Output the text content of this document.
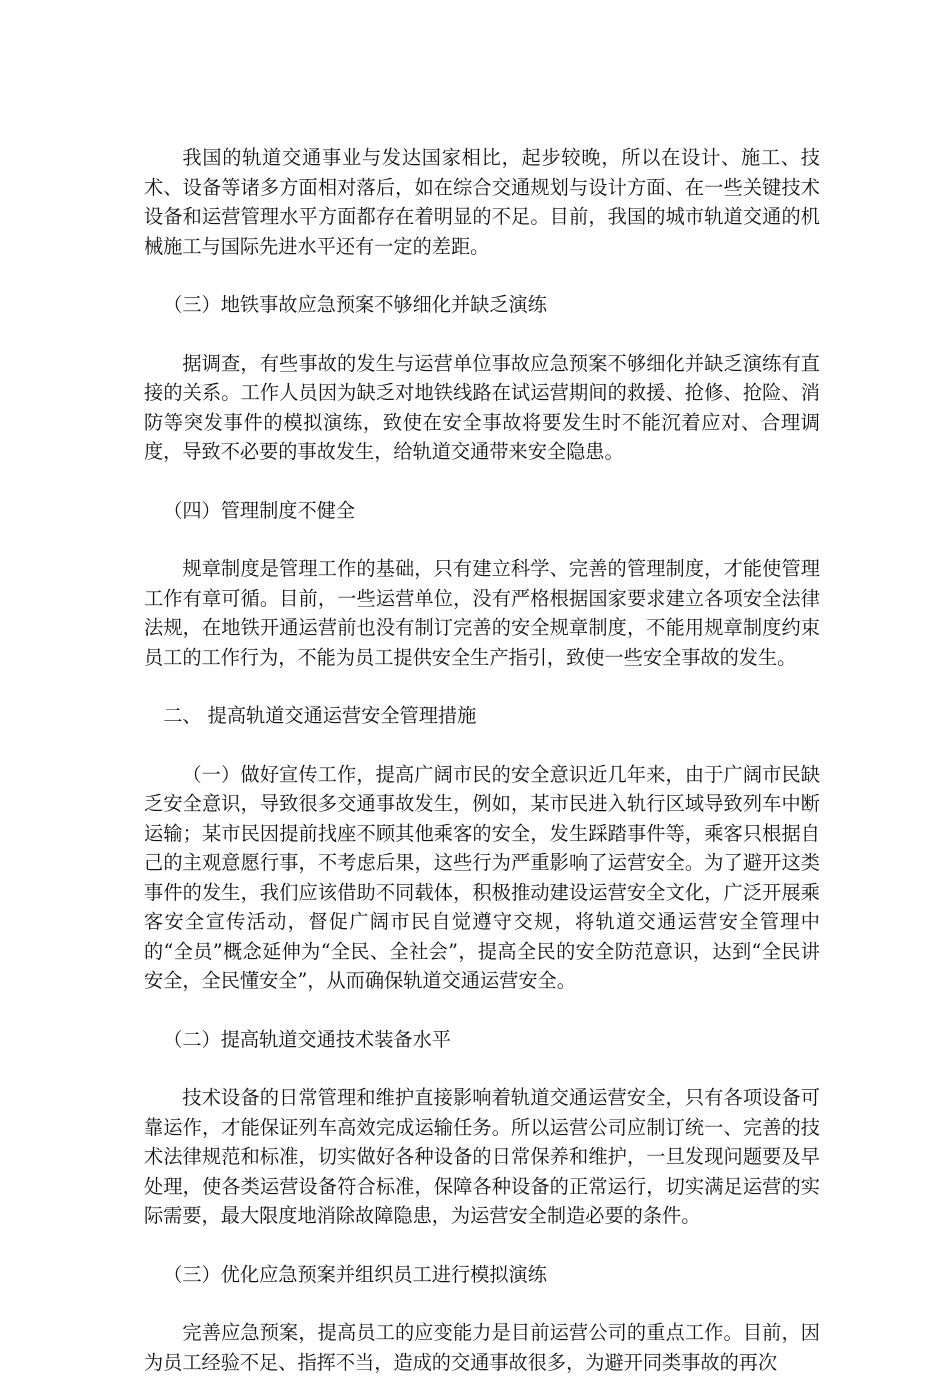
我国的轨道交通事业与发达国家相比，起步较晚，所以在设计、施工、技术、设备等诸多方面相对落后，如在综合交通规划与设计方面、在一些关键技术设备和运营管理水平方面都存在着明显的不足。目前，我国的城市轨道交通的机械施工与国际先进水平还有一定的差距。

（三）地铁事故应急预案不够细化并缺乏演练

据调查，有些事故的发生与运营单位事故应急预案不够细化并缺乏演练有直接的关系。工作人员因为缺乏对地铁线路在试运营期间的救援、抢修、抢险、消防等突发事件的模拟演练，致使在安全事故将要发生时不能沉着应对、合理调度，导致不必要的事故发生，给轨道交通带来安全隐患。

（四）管理制度不健全

规章制度是管理工作的基础，只有建立科学、完善的管理制度，才能使管理工作有章可循。目前，一些运营单位，没有严格根据国家要求建立各项安全法律法规，在地铁开通运营前也没有制订完善的安全规章制度，不能用规章制度约束员工的工作行为，不能为员工提供安全生产指引，致使一些安全事故的发生。

二、 提高轨道交通运营安全管理措施

（一）做好宣传工作，提高广阔市民的安全意识近几年来，由于广阔市民缺乏安全意识，导致很多交通事故发生，例如，某市民进入轨行区域导致列车中断运输；某市民因提前找座不顾其他乘客的安全，发生踩踏事件等，乘客只根据自己的主观意愿行事，不考虑后果，这些行为严重影响了运营安全。为了避开这类事件的发生，我们应该借助不同载体，积极推动建设运营安全文化，广泛开展乘客安全宣传活动，督促广阔市民自觉遵守交规，将轨道交通运营安全管理中的“全员”概念延伸为“全民、全社会”，提高全民的安全防范意识，达到“全民讲安全，全民懂安全”，从而确保轨道交通运营安全。

（二）提高轨道交通技术装备水平

技术设备的日常管理和维护直接影响着轨道交通运营安全，只有各项设备可靠运作，才能保证列车高效完成运输任务。所以运营公司应制订统一、完善的技术法律规范和标准，切实做好各种设备的日常保养和维护，一旦发现问题要及早处理，使各类运营设备符合标准，保障各种设备的正常运行，切实满足运营的实际需要，最大限度地消除故障隐患，为运营安全制造必要的条件。

（三）优化应急预案并组织员工进行模拟演练

完善应急预案，提高员工的应变能力是目前运营公司的重点工作。目前，因为员工经验不足、指挥不当，造成的交通事故很多，为避开同类事故的再次
